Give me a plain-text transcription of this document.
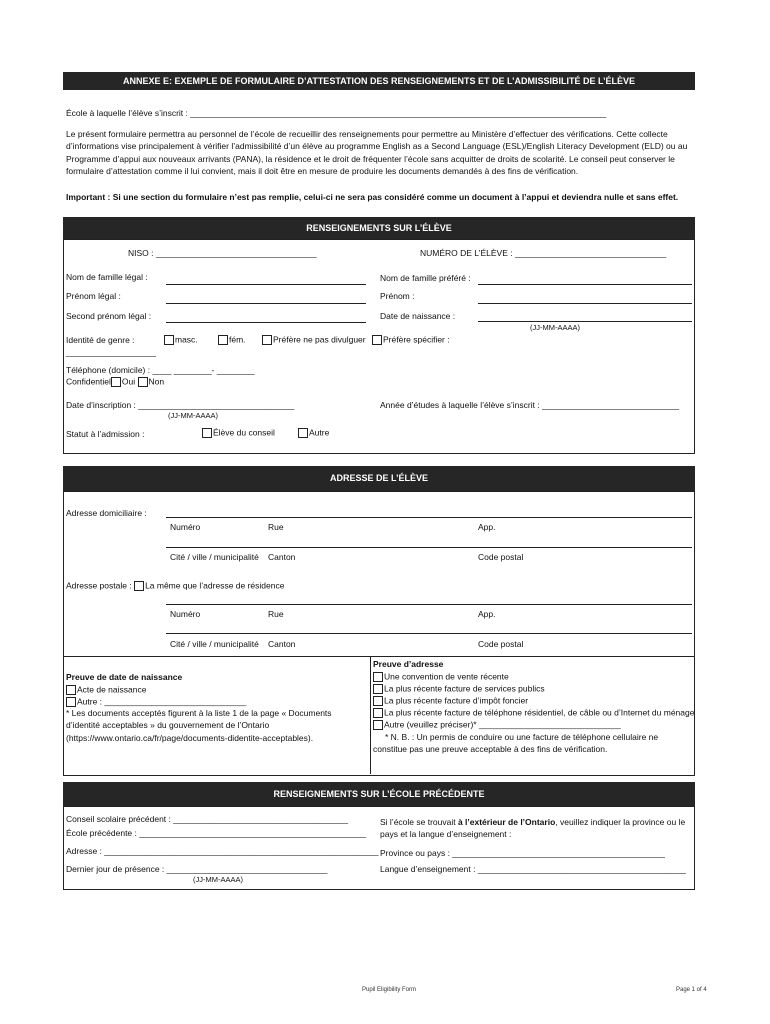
ANNEXE E: EXEMPLE DE FORMULAIRE D’ATTESTATION DES RENSEIGNEMENTS ET DE L’ADMISSIBILITÉ DE L’ÉLÈVE
École à laquelle l’élève s’inscrit : ________________________________________________________________________________________
Le présent formulaire permettra au personnel de l’école de recueillir des renseignements pour permettre au Ministère d’effectuer des vérifications. Cette collecte d’informations vise principalement à vérifier l’admissibilité d’un élève au programme English as a Second Language (ESL)/English Literacy Development (ELD) ou au Programme d’appui aux nouveaux arrivants (PANA), la résidence et le droit de fréquenter l’école sans acquitter de droits de scolarité. Le conseil peut conserver le formulaire d’attestation comme il lui convient, mais il doit être en mesure de produire les documents demandés à des fins de vérification.
Important : Si une section du formulaire n’est pas remplie, celui-ci ne sera pas considéré comme un document à l’appui et deviendra nulle et sans effet.
RENSEIGNEMENTS SUR L’ÉLÈVE
NISO : __________________________________	NUMÉRO DE L’ÉLÈVE : ________________________________
Nom de famille légal :	Nom de famille préféré :
Prénom légal :	Prénom :
Second prénom légal :	Date de naissance :
(JJ-MM-AAAA)
Identité de genre :	masc.	fém.	Préfère ne pas divulguer	Préfère spécifier :
___________________
Téléphone (domicile) : ____ ________- ________
Confidentiel Oui Non
Date d’inscription : _________________________________
(JJ-MM-AAAA)
Année d’études à laquelle l’élève s’inscrit : _____________________________
Statut à l’admission :	Élève du conseil	Autre
ADRESSE DE L’ÉLÈVE
Adresse domiciliaire :
Numéro	Rue	App.
Cité / ville / municipalité Canton	Code postal
Adresse postale : La même que l’adresse de résidence
Numéro	Rue	App.
Cité / ville / municipalité Canton	Code postal
Preuve de date de naissance
Acte de naissance
Autre : ______________________________
* Les documents acceptés figurent à la liste 1 de la page « Documents d’identité acceptables » du gouvernement de l’Ontario (https://www.ontario.ca/fr/page/documents-didentite-acceptables).
Preuve d’adresse
Une convention de vente récente
La plus récente facture de services publics
La plus récente facture d’impôt foncier
La plus récente facture de téléphone résidentiel, de câble ou d’Internet du ménage
Autre (veuillez préciser)* ______________________________
* N. B. : Un permis de conduire ou une facture de téléphone cellulaire ne constitue pas une preuve acceptable à des fins de vérification.
RENSEIGNEMENTS SUR L’ÉCOLE PRÉCÉDENTE
Conseil scolaire précédent : _____________________________________
École précédente : ________________________________________________
Adresse : __________________________________________________________
Dernier jour de présence : __________________________________
(JJ-MM-AAAA)
Si l’école se trouvait à l’extérieur de l’Ontario, veuillez indiquer la province ou le pays et la langue d’enseignement :
Province ou pays : _____________________________________________
Langue d’enseignement : ____________________________________________
Pupil Eligibility Form	Page 1 of 4
